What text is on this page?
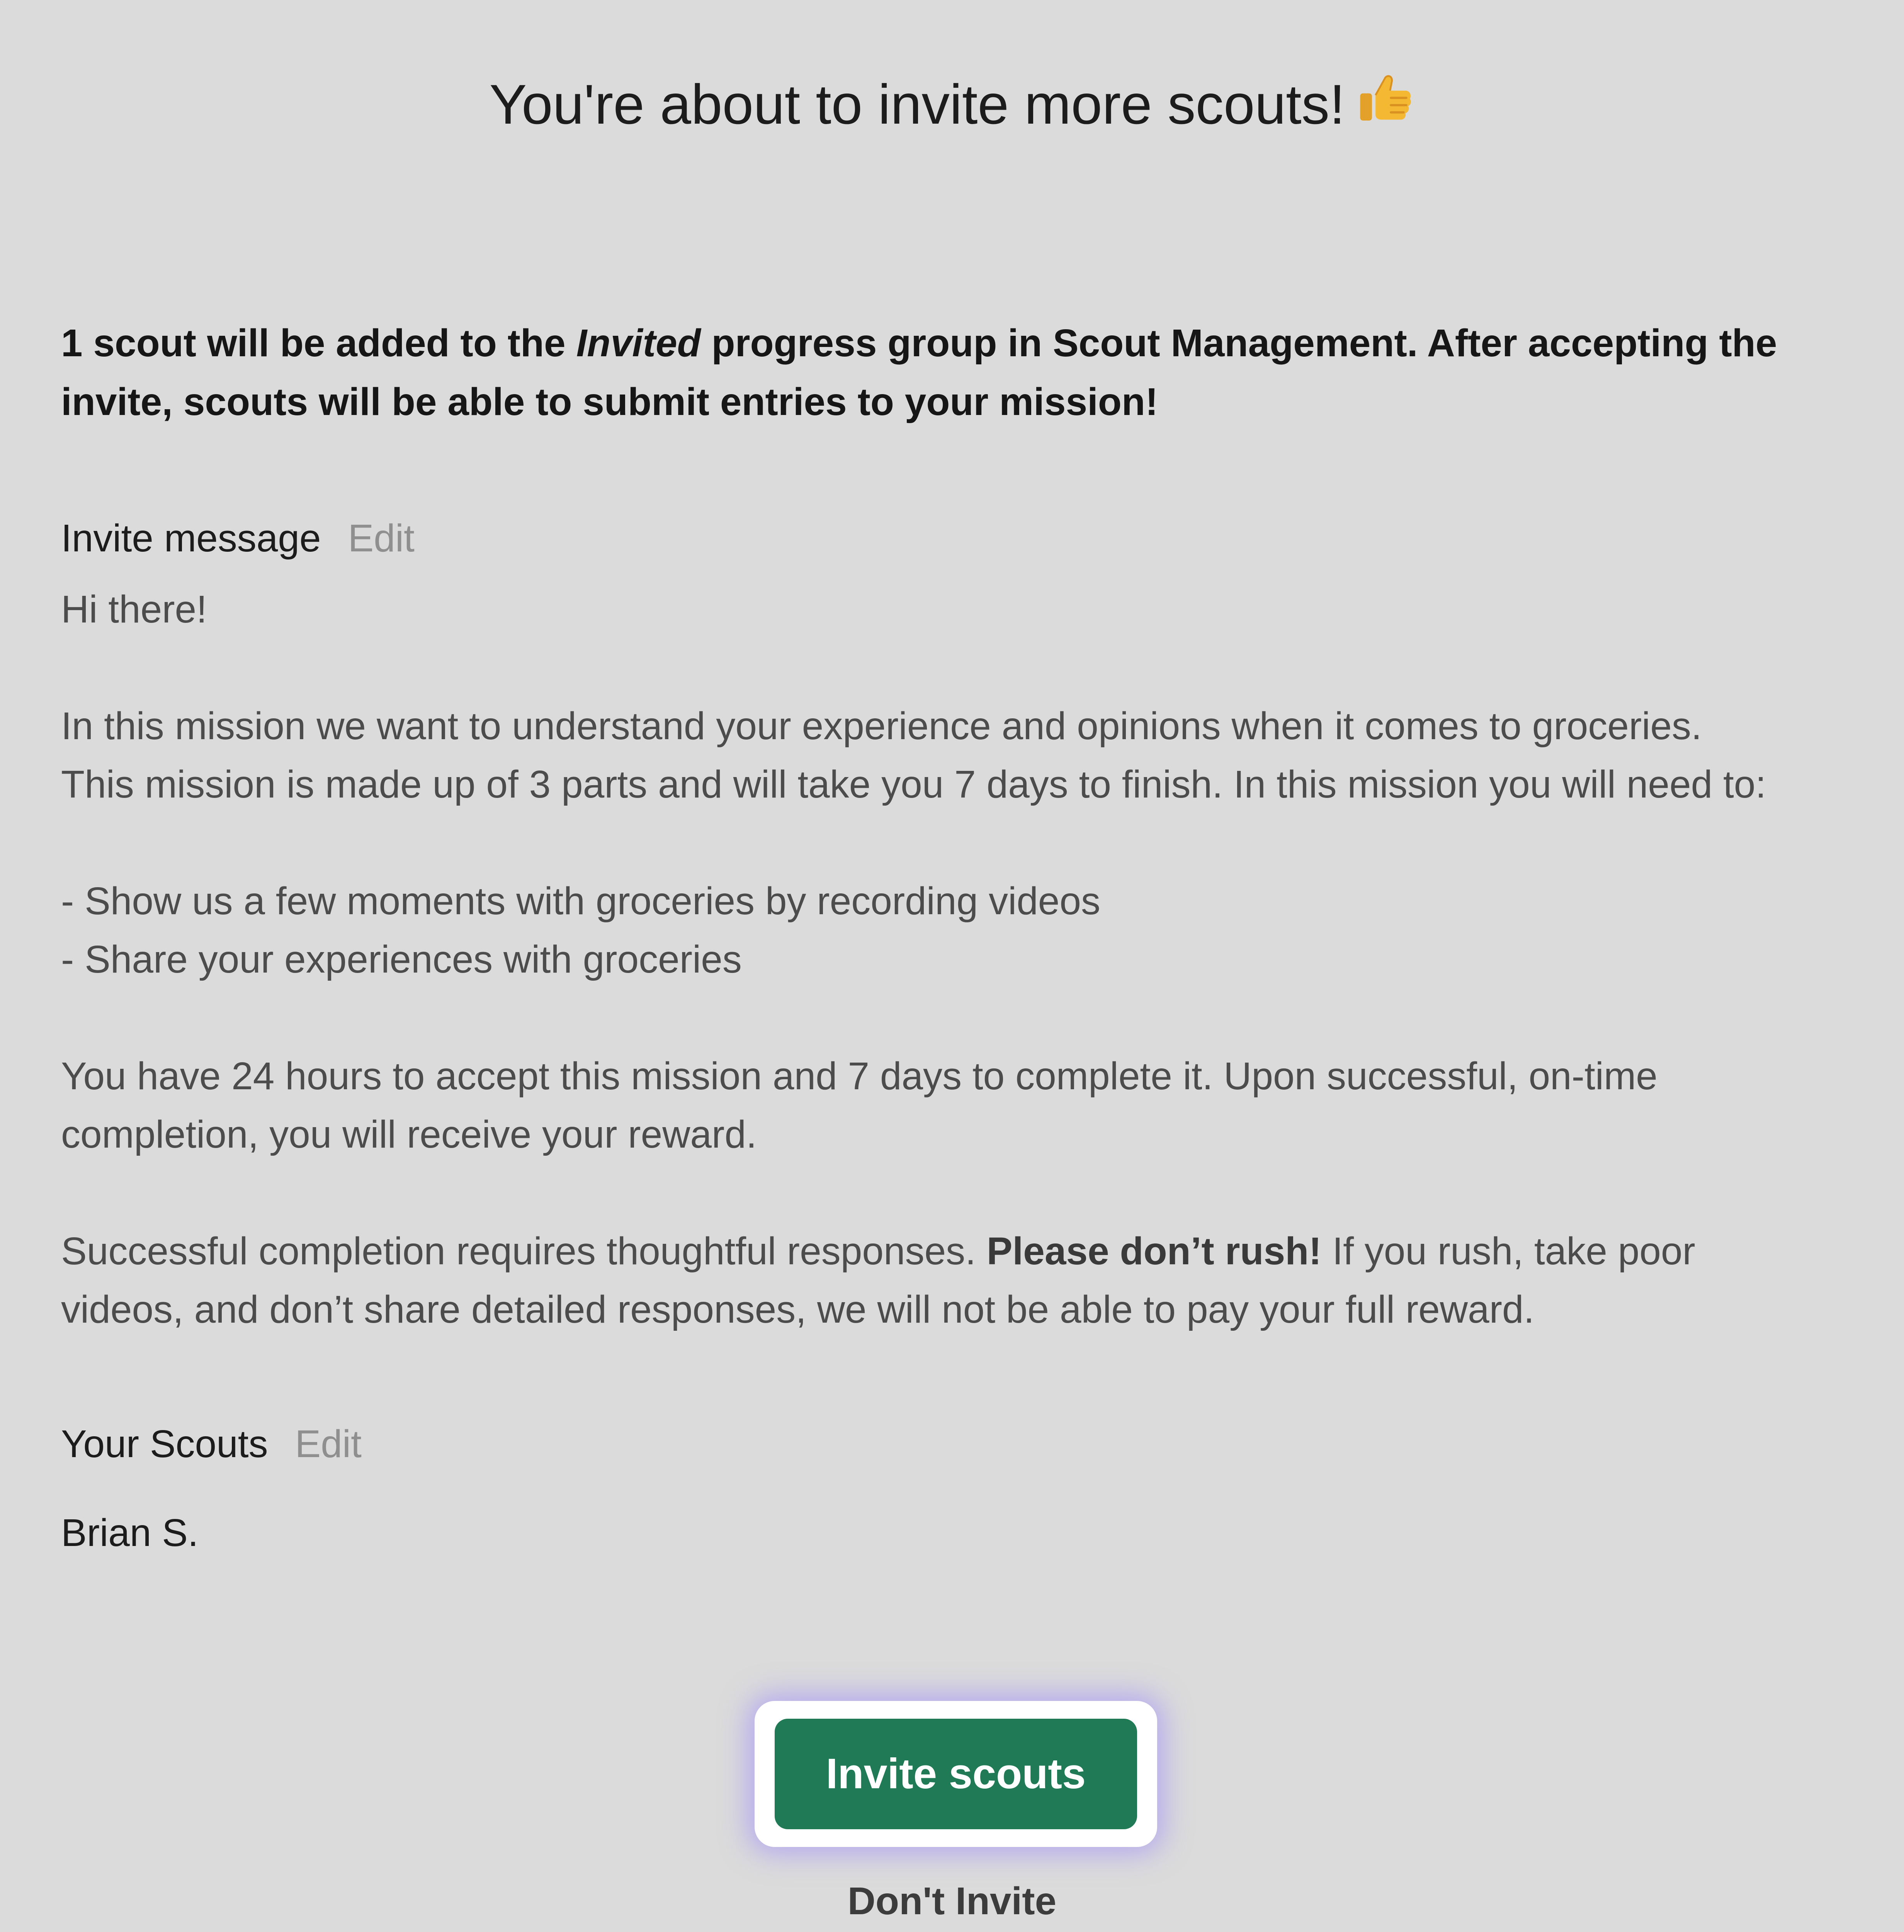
You're about to invite more scouts!
1 scout will be added to the Invited progress group in Scout Management. After accepting the invite, scouts will be able to submit entries to your mission!
Invite message Edit

Hi there!

In this mission we want to understand your experience and opinions when it comes to groceries.

This mission is made up of 3 parts and will take you 7 days to finish. In this mission you will need to:

- Show us a few moments with groceries by recording videos

- Share your experiences with groceries

You have 24 hours to accept this mission and 7 days to complete it. Upon successful, on-time completion, you will receive your reward.

Successful completion requires thoughtful responses. Please don’t rush! If you rush, take poor videos, and don’t share detailed responses, we will not be able to pay your full reward.

Your Scouts Edit
Brian S.
Invite scouts
Don't Invite
